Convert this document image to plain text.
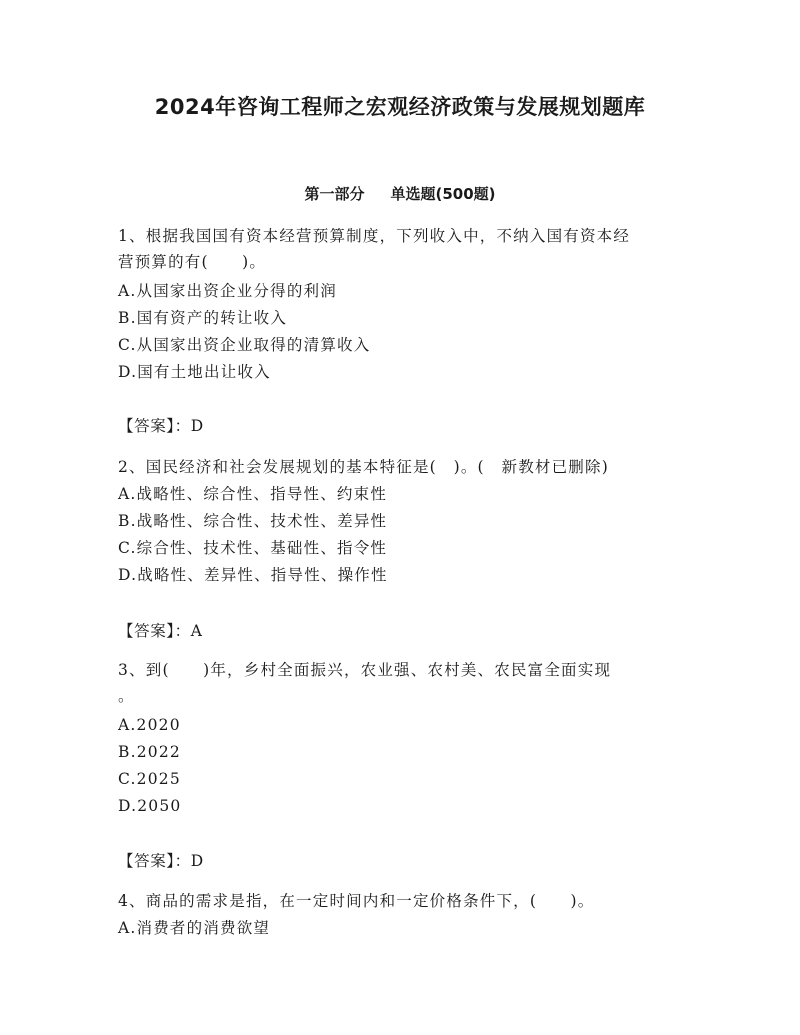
2024年咨询工程师之宏观经济政策与发展规划题库
第一部分 单选题(500题)
1、根据我国国有资本经营预算制度，下列收入中，不纳入国有资本经
营预算的有(　　)。
A.从国家出资企业分得的利润
B.国有资产的转让收入
C.从国家出资企业取得的清算收入
D.国有土地出让收入
【答案】：D
2、国民经济和社会发展规划的基本特征是(　)。(　新教材已删除)
A.战略性、综合性、指导性、约束性
B.战略性、综合性、技术性、差异性
C.综合性、技术性、基础性、指令性
D.战略性、差异性、指导性、操作性
【答案】：A
3、到(　　)年，乡村全面振兴，农业强、农村美、农民富全面实现
。
A.2020
B.2022
C.2025
D.2050
【答案】：D
4、商品的需求是指，在一定时间内和一定价格条件下，(　　)。
A.消费者的消费欲望
